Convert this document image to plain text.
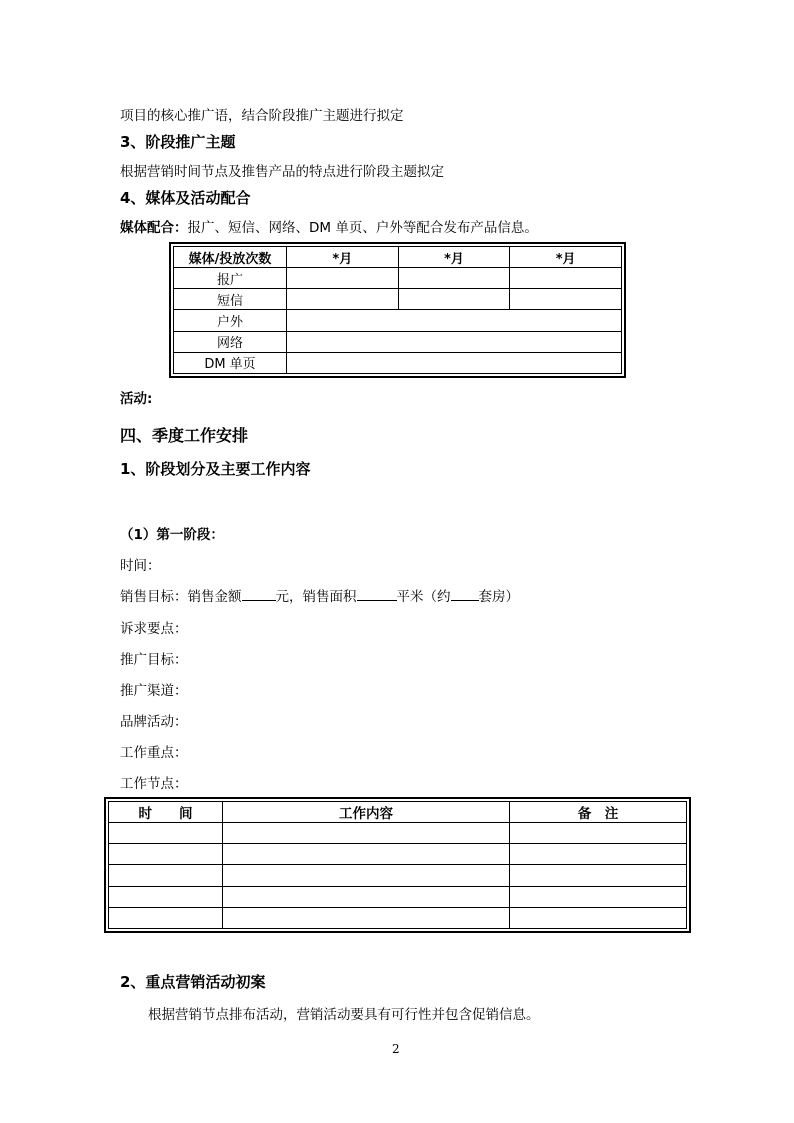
项目的核心推广语，结合阶段推广主题进行拟定
3、阶段推广主题
根据营销时间节点及推售产品的特点进行阶段主题拟定
4、媒体及活动配合
媒体配合：报广、短信、网络、DM 单页、户外等配合发布产品信息。
媒体/投放次数	*月	*月	*月
报广			
短信			
户外			
网络			
DM 单页			
活动:
四、季度工作安排
1、阶段划分及主要工作内容
（1）第一阶段：
时间：
销售目标：销售金额	元，销售面积	平米（约 套房）
诉求要点：
推广目标：
推广渠道：
品牌活动：
工作重点：
工作节点：
时　　间	工作内容	备　注

2、重点营销活动初案
根据营销节点排布活动，营销活动要具有可行性并包含促销信息。
2
